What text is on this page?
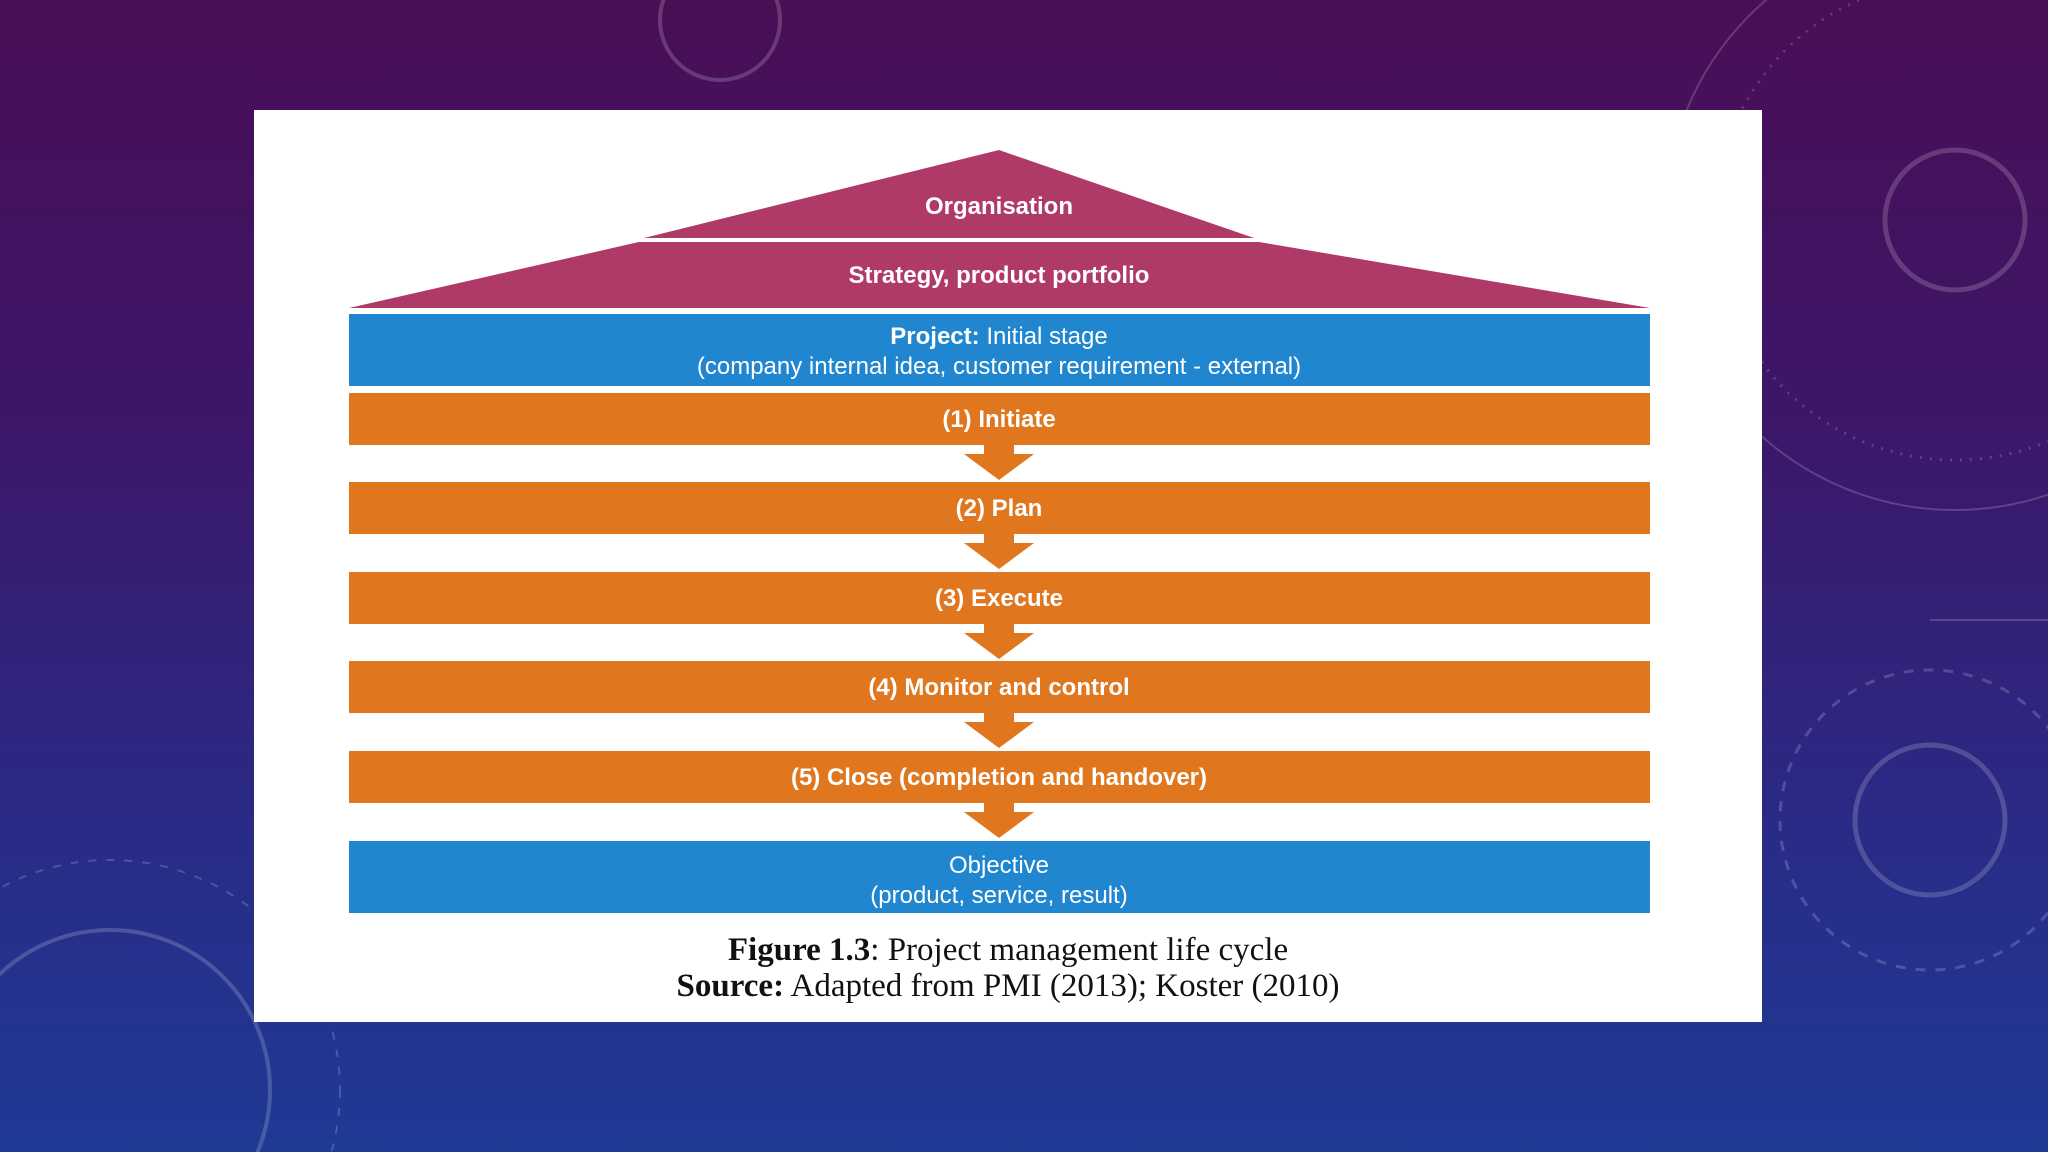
Organisation
Strategy, product portfolio
Project: Initial stage
(company internal idea, customer requirement - external)
(1) Initiate
(2) Plan
(3) Execute
(4) Monitor and control
(5) Close (completion and handover)
Objective
(product, service, result)
Figure 1.3: Project management life cycle
Source: Adapted from PMI (2013); Koster (2010)
